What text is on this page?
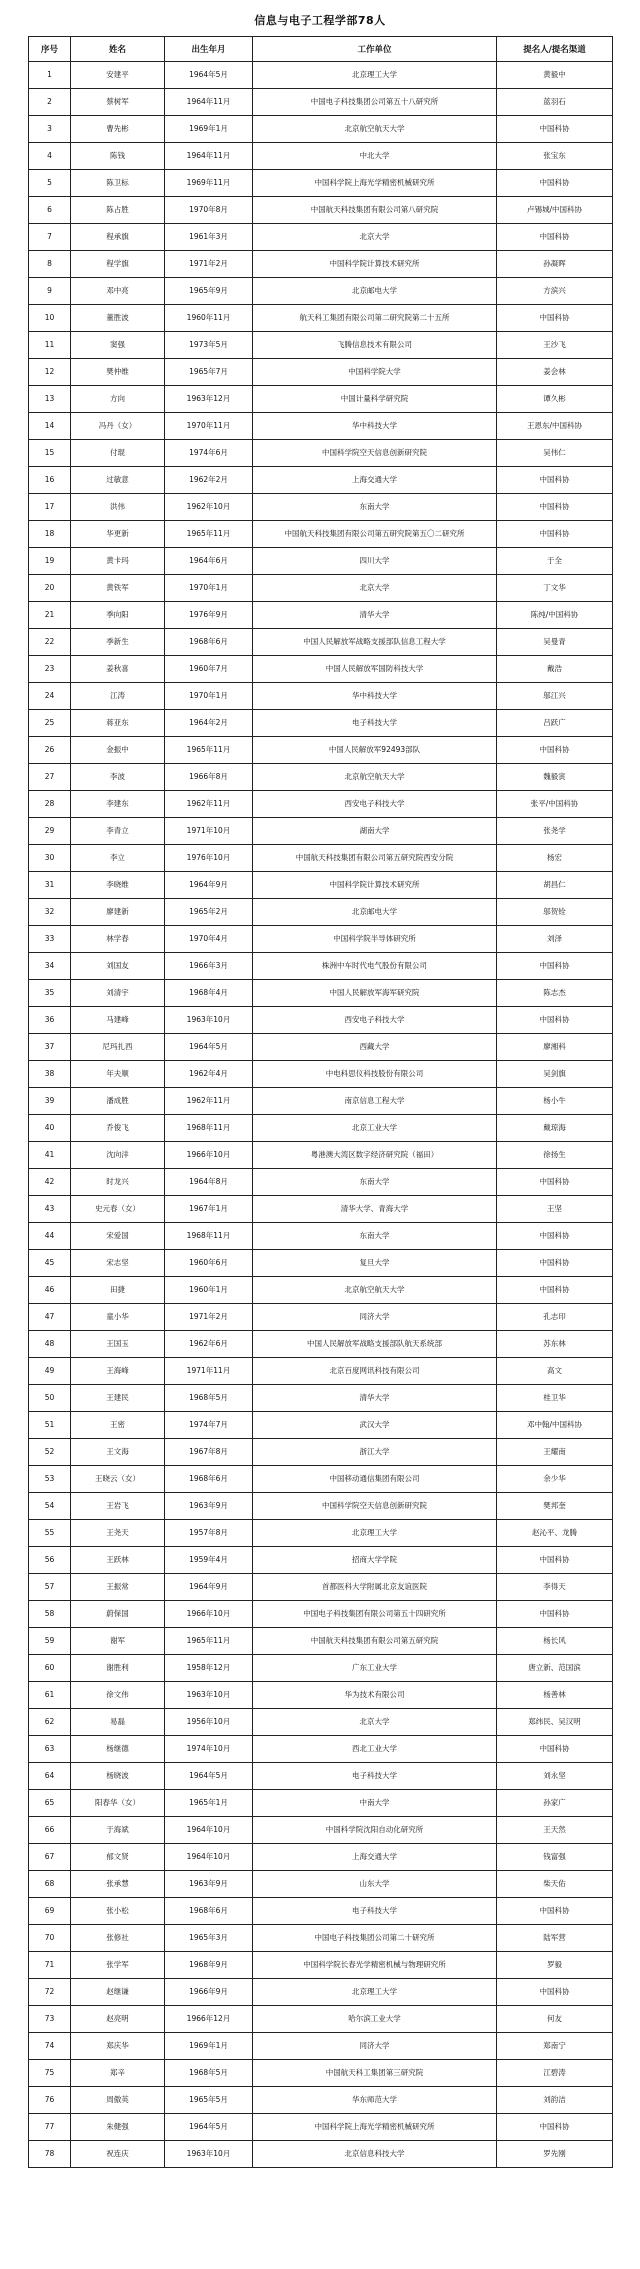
信息与电子工程学部78人
序号	姓名	出生年月	工作单位	提名人/提名渠道
1	安建平	1964年5月	北京理工大学	黄毅中
2	蔡树军	1964年11月	中国电子科技集团公司第五十八研究所	蓝羽石
3	曹先彬	1969年1月	北京航空航天大学	中国科协
4	陈钱	1964年11月	中北大学	张宝东
5	陈卫标	1969年11月	中国科学院上海光学精密机械研究所	中国科协
6	陈占胜	1970年8月	中国航天科技集团有限公司第八研究院	卢锡城/中国科协
7	程承旗	1961年3月	北京大学	中国科协
8	程学旗	1971年2月	中国科学院计算技术研究所	孙凝晖
9	邓中亮	1965年9月	北京邮电大学	方滨兴
10	董胜波	1960年11月	航天科工集团有限公司第二研究院第二十五所	中国科协
11	窦强	1973年5月	飞腾信息技术有限公司	王沙飞
12	樊仲维	1965年7月	中国科学院大学	姜会林
13	方向	1963年12月	中国计量科学研究院	谭久彬
14	冯丹（女）	1970年11月	华中科技大学	王恩东/中国科协
15	付琨	1974年6月	中国科学院空天信息创新研究院	吴伟仁
16	过敏意	1962年2月	上海交通大学	中国科协
17	洪伟	1962年10月	东南大学	中国科协
18	华更新	1965年11月	中国航天科技集团有限公司第五研究院第五〇二研究所	中国科协
19	黄卡玛	1964年6月	四川大学	于全
20	黄铁军	1970年1月	北京大学	丁文华
21	季向阳	1976年9月	清华大学	陈纯/中国科协
22	季新生	1968年6月	中国人民解放军战略支援部队信息工程大学	吴曼青
23	姜秋喜	1960年7月	中国人民解放军国防科技大学	戴浩
24	江涛	1970年1月	华中科技大学	邬江兴
25	蒋亚东	1964年2月	电子科技大学	吕跃广
26	金振中	1965年11月	中国人民解放军92493部队	中国科协
27	李波	1966年8月	北京航空航天大学	魏毅寅
28	李建东	1962年11月	西安电子科技大学	张平/中国科协
29	李青立	1971年10月	湖南大学	张尧学
30	李立	1976年10月	中国航天科技集团有限公司第五研究院西安分院	杨宏
31	李晓维	1964年9月	中国科学院计算技术研究所	胡昌仁
32	廖建新	1965年2月	北京邮电大学	邬贺铨
33	林学春	1970年4月	中国科学院半导体研究所	刘泽
34	刘国友	1966年3月	株洲中车时代电气股份有限公司	中国科协
35	刘清宇	1968年4月	中国人民解放军海军研究院	陈志杰
36	马建峰	1963年10月	西安电子科技大学	中国科协
37	尼玛扎西	1964年5月	西藏大学	廖湘科
38	年夫顺	1962年4月	中电科思仪科技股份有限公司	吴剑旗
39	潘成胜	1962年11月	南京信息工程大学	杨小牛
40	乔俊飞	1968年11月	北京工业大学	戴琼海
41	沈向洋	1966年10月	粤港澳大湾区数字经济研究院（福田）	徐扬生
42	时龙兴	1964年8月	东南大学	中国科协
43	史元春（女）	1967年1月	清华大学、青海大学	王坚
44	宋爱国	1968年11月	东南大学	中国科协
45	宋志坚	1960年6月	复旦大学	中国科协
46	田捷	1960年1月	北京航空航天大学	中国科协
47	童小华	1971年2月	同济大学	孔志印
48	王国玉	1962年6月	中国人民解放军战略支援部队航天系统部	苏东林
49	王海峰	1971年11月	北京百度网讯科技有限公司	高文
50	王建民	1968年5月	清华大学	桂卫华
51	王密	1974年7月	武汉大学	邓中翰/中国科协
52	王文海	1967年8月	浙江大学	王耀南
53	王晓云（女）	1968年6月	中国移动通信集团有限公司	余少华
54	王岩飞	1963年9月	中国科学院空天信息创新研究院	樊邦奎
55	王尧天	1957年8月	北京理工大学	赵沁平、龙腾
56	王跃林	1959年4月	招商大学学院	中国科协
57	王振常	1964年9月	首都医科大学附属北京友谊医院	李得天
58	蔚保国	1966年10月	中国电子科技集团有限公司第五十四研究所	中国科协
59	谢军	1965年11月	中国航天科技集团有限公司第五研究院	杨长风
60	谢胜利	1958年12月	广东工业大学	唐立新、范国滨
61	徐文伟	1963年10月	华为技术有限公司	杨善林
62	易磊	1956年10月	北京大学	郑纬民、吴汉明
63	杨继德	1974年10月	西北工业大学	中国科协
64	杨晓波	1964年5月	电子科技大学	刘永坚
65	阳春华（女）	1965年1月	中南大学	孙家广
66	于海斌	1964年10月	中国科学院沈阳自动化研究所	王天然
67	郁文贤	1964年10月	上海交通大学	钱富强
68	张承慧	1963年9月	山东大学	柴天佑
69	张小松	1968年6月	电子科技大学	中国科协
70	张修社	1965年3月	中国电子科技集团公司第二十研究所	陆军营
71	张学军	1968年9月	中国科学院长春光学精密机械与物理研究所	罗毅
72	赵继谦	1966年9月	北京理工大学	中国科协
73	赵亮明	1966年12月	哈尔滨工业大学	何友
74	郑庆华	1969年1月	同济大学	郑南宁
75	郑辛	1968年5月	中国航天科工集团第三研究院	江碧涛
76	周傲英	1965年5月	华东师范大学	刘韵洁
77	朱健强	1964年5月	中国科学院上海光学精密机械研究所	中国科协
78	祝连庆	1963年10月	北京信息科技大学	罗先刚
